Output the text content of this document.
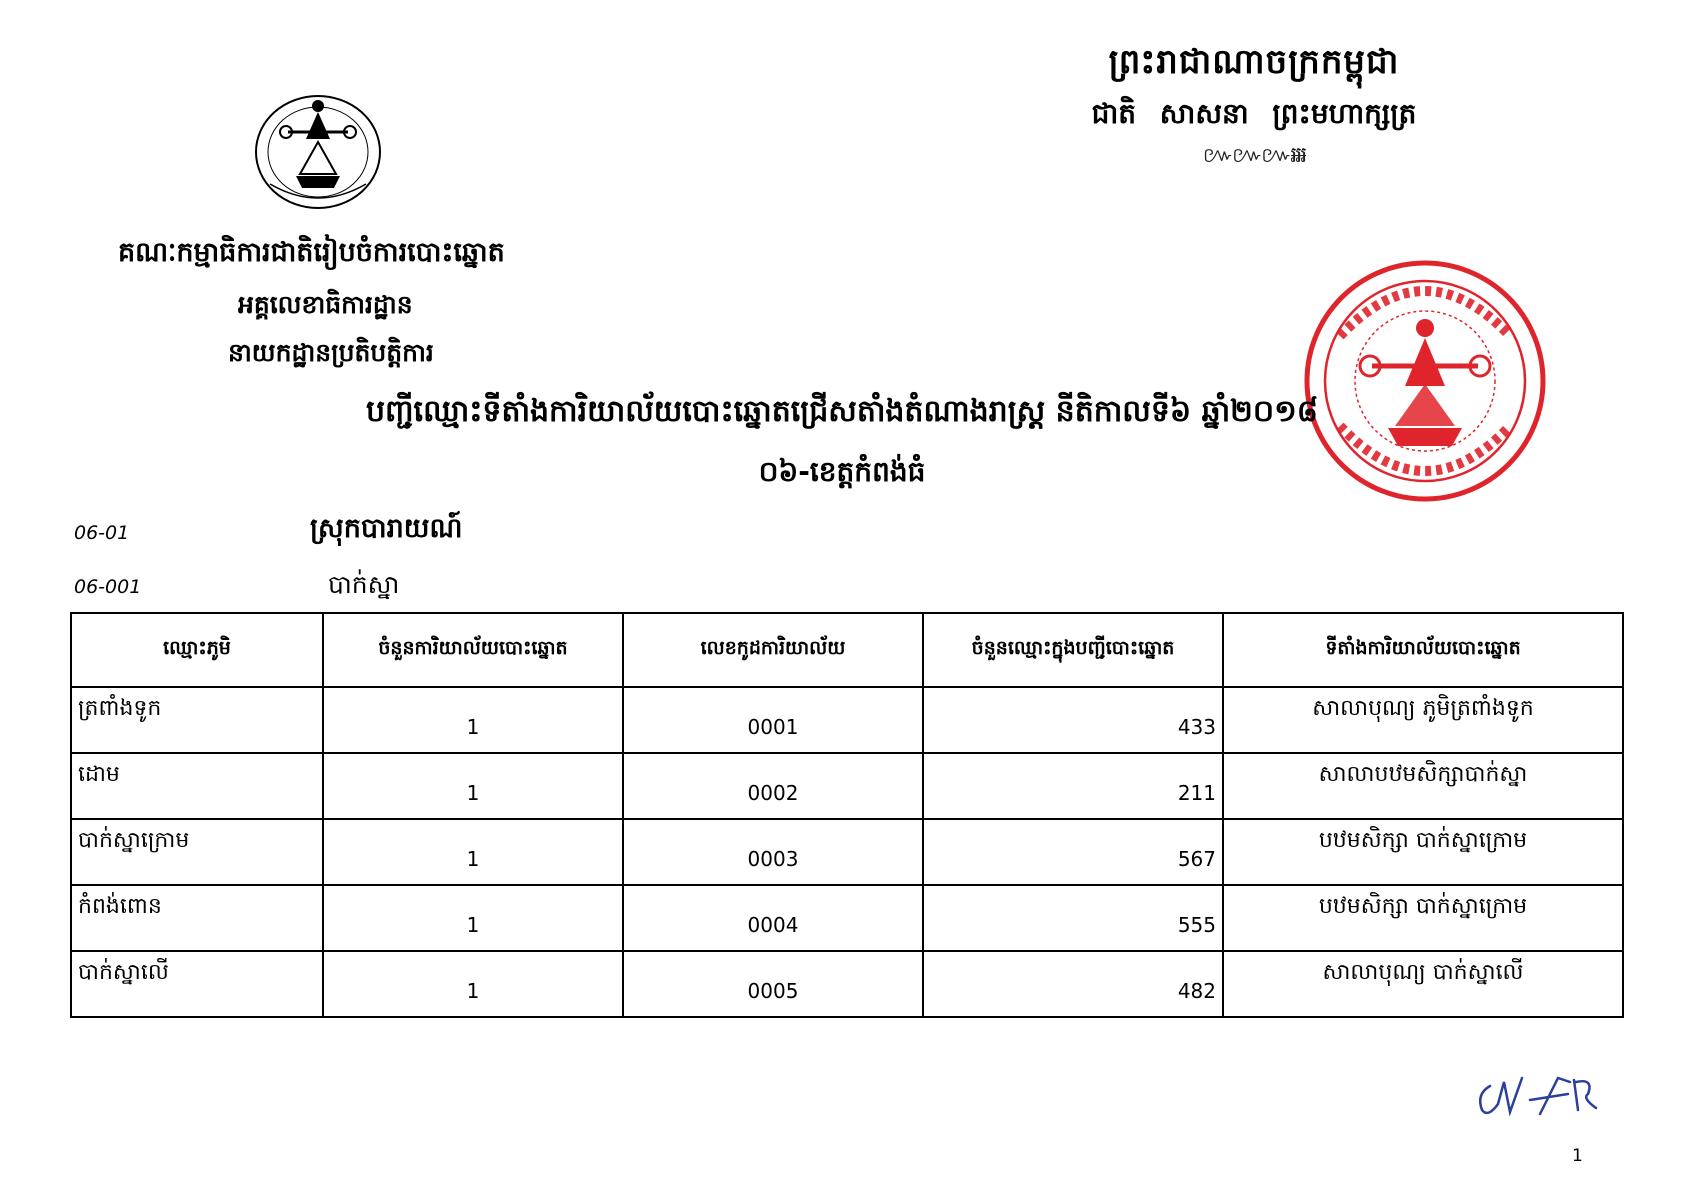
ព្រះរាជាណាចក្រកម្ពុជា
ជាតិ សាសនា ព្រះមហាក្សត្រ
៚៚៚៛៛៛
គណៈកម្មាធិការជាតិរៀបចំការបោះឆ្នោត
អគ្គលេខាធិការដ្ឋាន
នាយកដ្ឋានប្រតិបត្តិការ
បញ្ជីឈ្មោះទីតាំងការិយាល័យបោះឆ្នោតជ្រើសតាំងតំណាងរាស្ត្រ នីតិកាលទី៦ ឆ្នាំ២០១៨
០៦-ខេត្តកំពង់ធំ
06-01	ស្រុកបារាយណ៍
06-001	បាក់ស្នា
ឈ្មោះភូមិ	ចំនួនការិយាល័យបោះឆ្នោត	លេខកូដការិយាល័យ	ចំនួនឈ្មោះក្នុងបញ្ជីបោះឆ្នោត	ទីតាំងការិយាល័យបោះឆ្នោត
ត្រពាំងទូក	1	0001	433	សាលាបុណ្យ ភូមិត្រពាំងទូក
ដោម	1	0002	211	សាលាបឋមសិក្សាបាក់ស្នា
បាក់ស្នាក្រោម	1	0003	567	បឋមសិក្សា បាក់ស្នាក្រោម
កំពង់ពោន	1	0004	555	បឋមសិក្សា បាក់ស្នាក្រោម
បាក់ស្នាលើ	1	0005	482	សាលាបុណ្យ បាក់ស្នាលើ
1
